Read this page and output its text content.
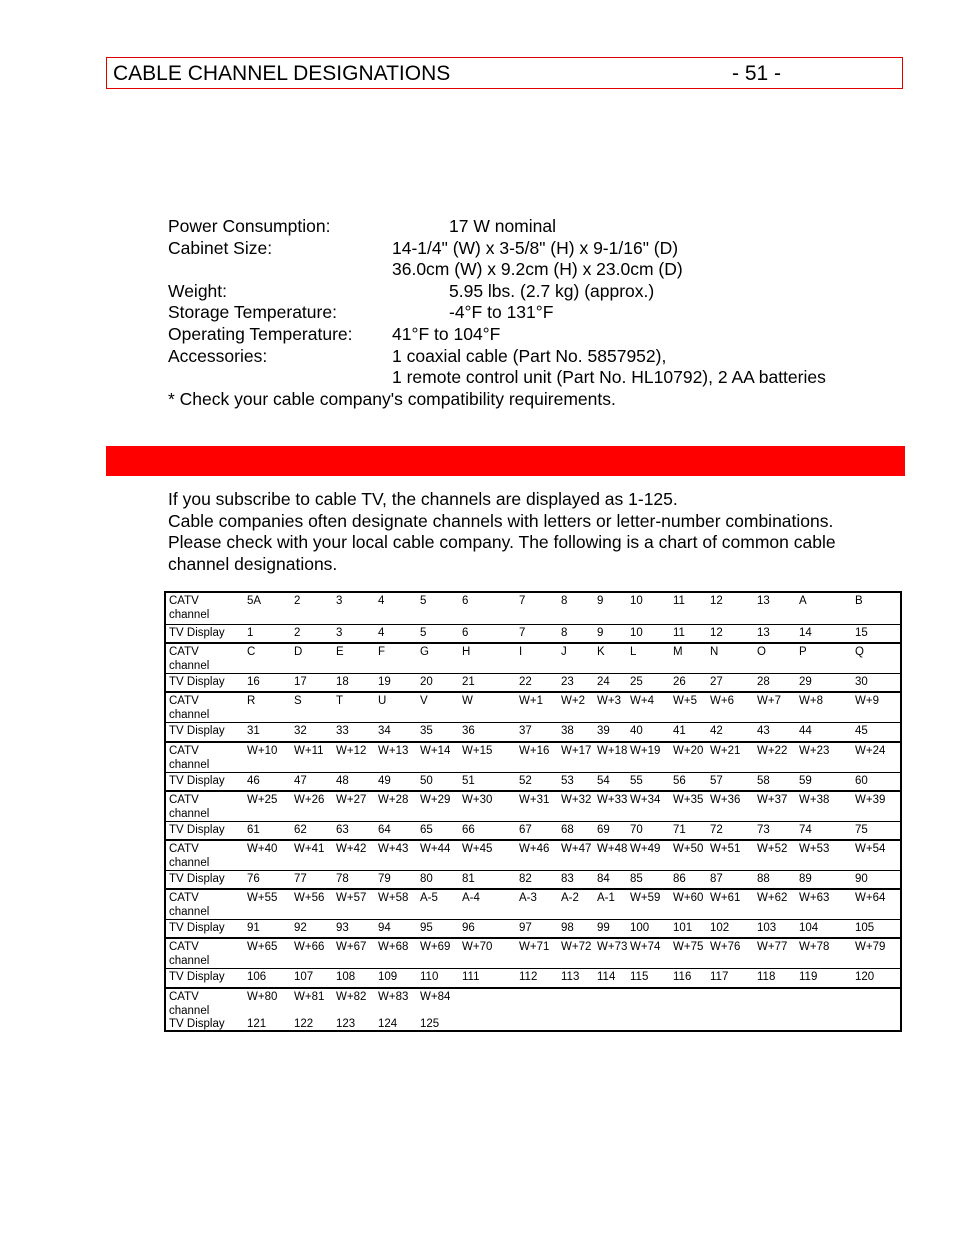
CABLE CHANNEL DESIGNATIONS	- 51 -
Power Consumption:	17 W nominal
Cabinet Size:	14-1/4" (W) x 3-5/8" (H) x 9-1/16" (D)
36.0cm (W) x 9.2cm (H) x 23.0cm (D)
Weight:	5.95 lbs. (2.7 kg) (approx.)
Storage Temperature:	-4°F to 131°F
Operating Temperature: 41°F to 104°F
Accessories:	1 coaxial cable (Part No. 5857952),
1 remote control unit (Part No. HL10792), 2 AA batteries
* Check your cable company's compatibility requirements.
If you subscribe to cable TV, the channels are displayed as 1-125.
Cable companies often designate channels with letters or letter-number combinations.
Please check with your local cable company. The following is a chart of common cable
channel designations.
CATV
channel
5A	2	3	4	5	6	7	8	9 10	11 12	13	A	B
TV Display 1	2	3	4	5	6	7	8	9 10	11 12	13	14	15
CATV
channel
C	D	E	F	G	H	I	J	K L	M N	O	P	Q
TV Display 16	17	18	19	20	21	22	23 24 25	26 27	28	29	30
CATV
channel
R	S	T	U	V	W	W+1 W+2 W+3 W+4 W+5 W+6 W+7 W+8	W+9
TV Display 31	32	33	34	35	36	37	38 39 40	41 42	43	44	45
CATV
channel
W+10 W+11 W+12 W+13 W+14 W+15 W+16 W+17 W+18 W+19 W+20 W+21 W+22 W+23 W+24
TV Display 46	47	48	49	50	51	52	53 54 55	56 57	58	59	60
CATV
channel
W+25 W+26 W+27 W+28 W+29 W+30 W+31 W+32 W+33 W+34 W+35 W+36 W+37 W+38 W+39
TV Display 61	62	63	64	65	66	67	68 69 70	71 72	73	74	75
CATV
channel
W+40 W+41 W+42 W+43 W+44 W+45 W+46 W+47 W+48 W+49 W+50 W+51 W+52 W+53 W+54
TV Display 76	77	78	79	80	81	82	83 84 85	86 87	88	89	90
CATV
channel
W+55 W+56 W+57 W+58 A-5 A-4	A-3 A-2 A-1 W+59 W+60 W+61 W+62 W+63 W+64
TV Display 91	92	93	94	95	96	97	98 99 100 101 102 103 104	105
CATV
channel
W+65 W+66 W+67 W+68 W+69 W+70 W+71 W+72 W+73 W+74 W+75 W+76 W+77 W+78 W+79
TV Display 106 107 108 109 110 111	112 113 114 115 116 117 118 119	120
CATV
channel
W+80 W+81 W+82 W+83 W+84
TV Display 121 122 123 124 125
